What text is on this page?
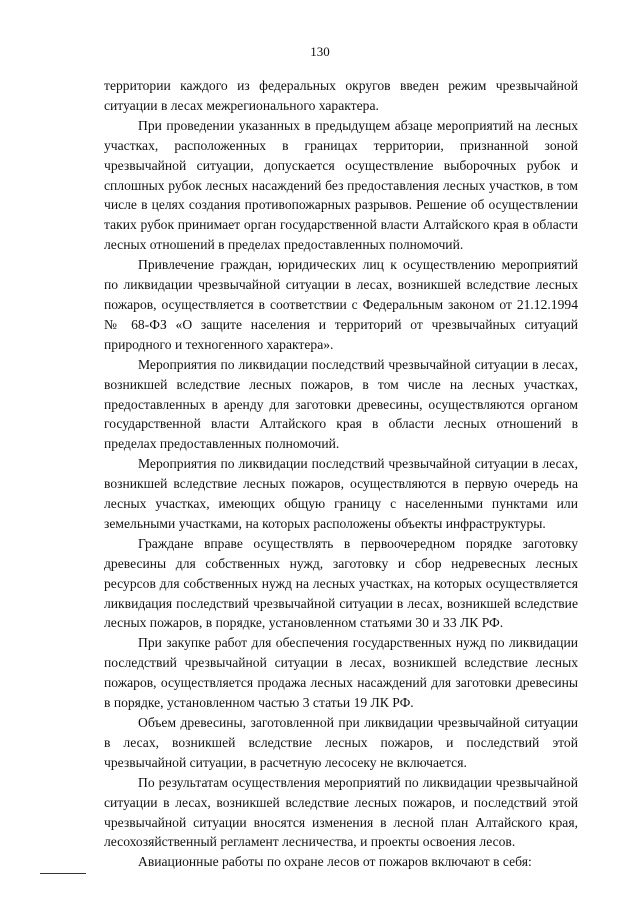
130

территории каждого из федеральных округов введен режим чрезвычайной ситуации в лесах межрегионального характера.

При проведении указанных в предыдущем абзаце мероприятий на лесных участках, расположенных в границах территории, признанной зоной чрезвычайной ситуации, допускается осуществление выборочных рубок и сплошных рубок лесных насаждений без предоставления лесных участков, в том числе в целях создания противопожарных разрывов. Решение об осуществлении таких рубок принимает орган государственной власти Алтайского края в области лесных отношений в пределах предоставленных полномочий.

Привлечение граждан, юридических лиц к осуществлению мероприятий по ликвидации чрезвычайной ситуации в лесах, возникшей вследствие лесных пожаров, осуществляется в соответствии с Федеральным законом от 21.12.1994 № 68-ФЗ «О защите населения и территорий от чрезвычайных ситуаций природного и техногенного характера».

Мероприятия по ликвидации последствий чрезвычайной ситуации в лесах, возникшей вследствие лесных пожаров, в том числе на лесных участках, предоставленных в аренду для заготовки древесины, осуществляются органом государственной власти Алтайского края в области лесных отношений в пределах предоставленных полномочий.

Мероприятия по ликвидации последствий чрезвычайной ситуации в лесах, возникшей вследствие лесных пожаров, осуществляются в первую очередь на лесных участках, имеющих общую границу с населенными пунктами или земельными участками, на которых расположены объекты инфраструктуры.

Граждане вправе осуществлять в первоочередном порядке заготовку древесины для собственных нужд, заготовку и сбор недревесных лесных ресурсов для собственных нужд на лесных участках, на которых осуществляется ликвидация последствий чрезвычайной ситуации в лесах, возникшей вследствие лесных пожаров, в порядке, установленном статьями 30 и 33 ЛК РФ.

При закупке работ для обеспечения государственных нужд по ликвидации последствий чрезвычайной ситуации в лесах, возникшей вследствие лесных пожаров, осуществляется продажа лесных насаждений для заготовки древесины в порядке, установленном частью 3 статьи 19 ЛК РФ.

Объем древесины, заготовленной при ликвидации чрезвычайной ситуации в лесах, возникшей вследствие лесных пожаров, и последствий этой чрезвычайной ситуации, в расчетную лесосеку не включается.

По результатам осуществления мероприятий по ликвидации чрезвычайной ситуации в лесах, возникшей вследствие лесных пожаров, и последствий этой чрезвычайной ситуации вносятся изменения в лесной план Алтайского края, лесохозяйственный регламент лесничества, и проекты освоения лесов.

Авиационные работы по охране лесов от пожаров включают в себя:
